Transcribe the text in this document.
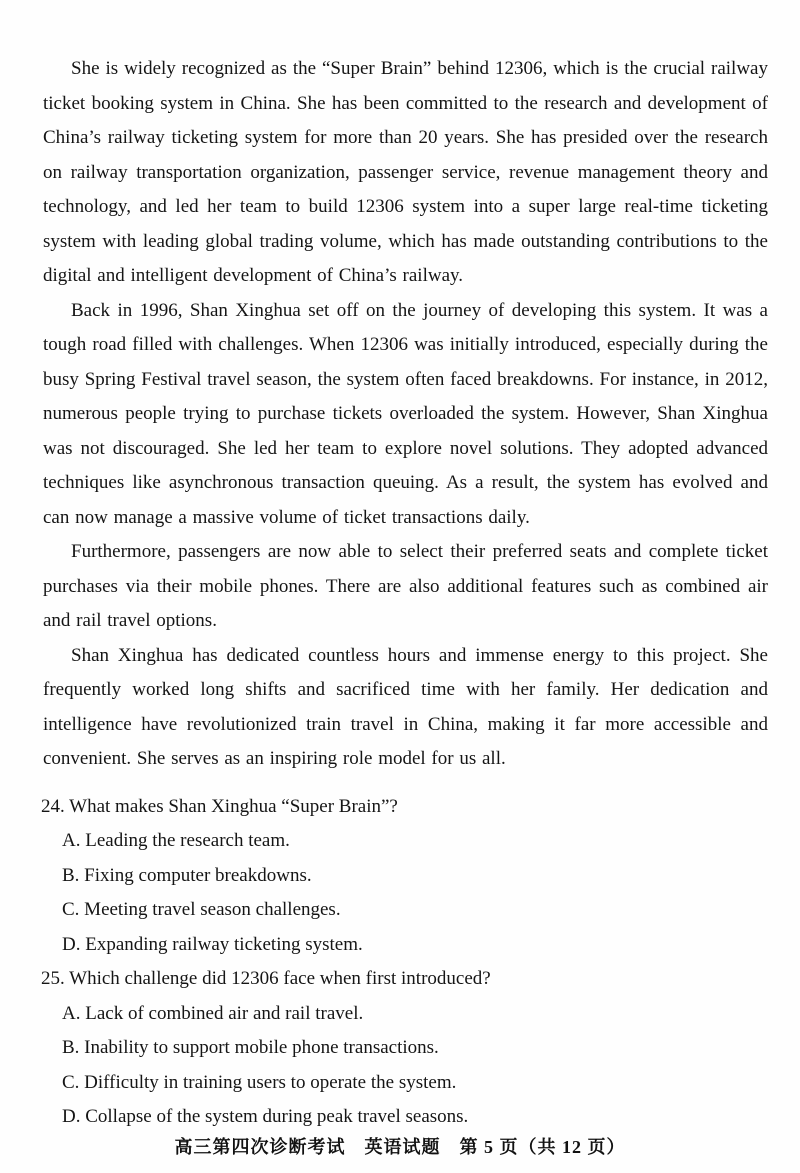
She is widely recognized as the “Super Brain” behind 12306, which is the crucial railway ticket booking system in China. She has been committed to the research and development of China’s railway ticketing system for more than 20 years. She has presided over the research on railway transportation organization, passenger service, revenue management theory and technology, and led her team to build 12306 system into a super large real-time ticketing system with leading global trading volume, which has made outstanding contributions to the digital and intelligent development of China’s railway.

Back in 1996, Shan Xinghua set off on the journey of developing this system. It was a tough road filled with challenges. When 12306 was initially introduced, especially during the busy Spring Festival travel season, the system often faced breakdowns. For instance, in 2012, numerous people trying to purchase tickets overloaded the system. However, Shan Xinghua was not discouraged. She led her team to explore novel solutions. They adopted advanced techniques like asynchronous transaction queuing. As a result, the system has evolved and can now manage a massive volume of ticket transactions daily.

Furthermore, passengers are now able to select their preferred seats and complete ticket purchases via their mobile phones. There are also additional features such as combined air and rail travel options.

Shan Xinghua has dedicated countless hours and immense energy to this project. She frequently worked long shifts and sacrificed time with her family. Her dedication and intelligence have revolutionized train travel in China, making it far more accessible and convenient. She serves as an inspiring role model for us all.

24. What makes Shan Xinghua “Super Brain”?

A. Leading the research team.

B. Fixing computer breakdowns.

C. Meeting travel season challenges.

D. Expanding railway ticketing system.

25. Which challenge did 12306 face when first introduced?

A. Lack of combined air and rail travel.

B. Inability to support mobile phone transactions.

C. Difficulty in training users to operate the system.

D. Collapse of the system during peak travel seasons.

高三第四次诊断考试　英语试题　第 5 页（共 12 页）
